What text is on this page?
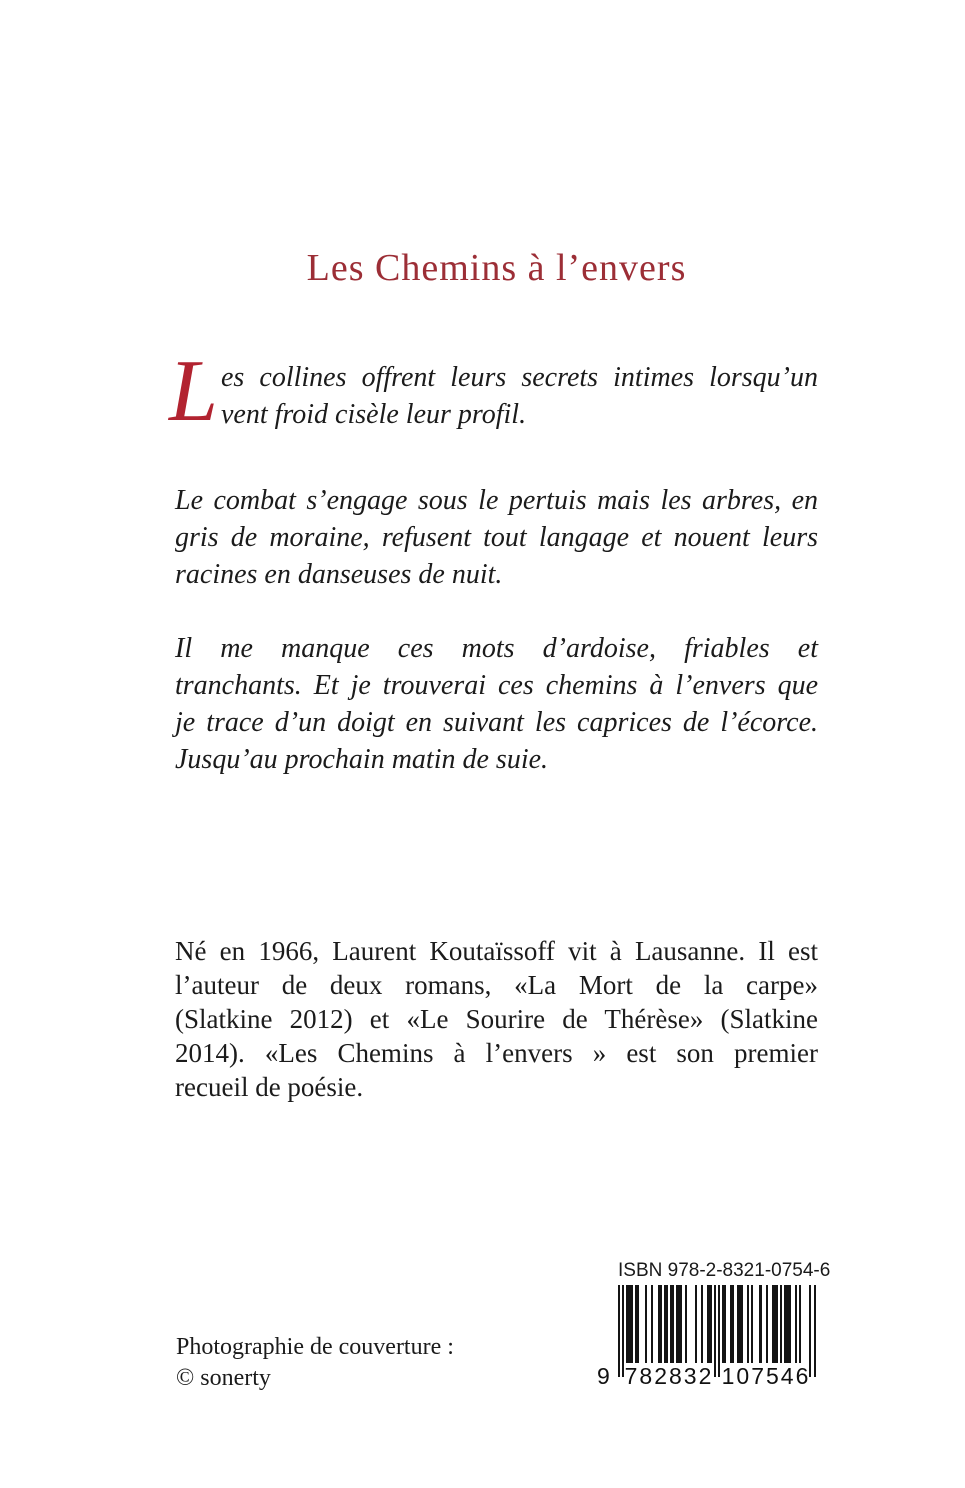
Les Chemins à l’envers
L es collines offrent leurs secrets intimes lorsqu’un
vent froid cisèle leur profil.
Le combat s’engage sous le pertuis mais les arbres, en
gris de moraine, refusent tout langage et nouent leurs
racines en danseuses de nuit.
Il me manque ces mots d’ardoise, friables et
tranchants. Et je trouverai ces chemins à l’envers que
je trace d’un doigt en suivant les caprices de l’écorce.
Jusqu’au prochain matin de suie.
Né en 1966, Laurent Koutaïssoff vit à Lausanne. Il est
l’auteur de deux romans, «La Mort de la carpe»
(Slatkine 2012) et «Le Sourire de Thérèse» (Slatkine
2014). «Les Chemins à l’envers » est son premier
recueil de poésie.
Photographie de couverture :
© sonerty
ISBN 978-2-8321-0754-6
9 782832 107546
